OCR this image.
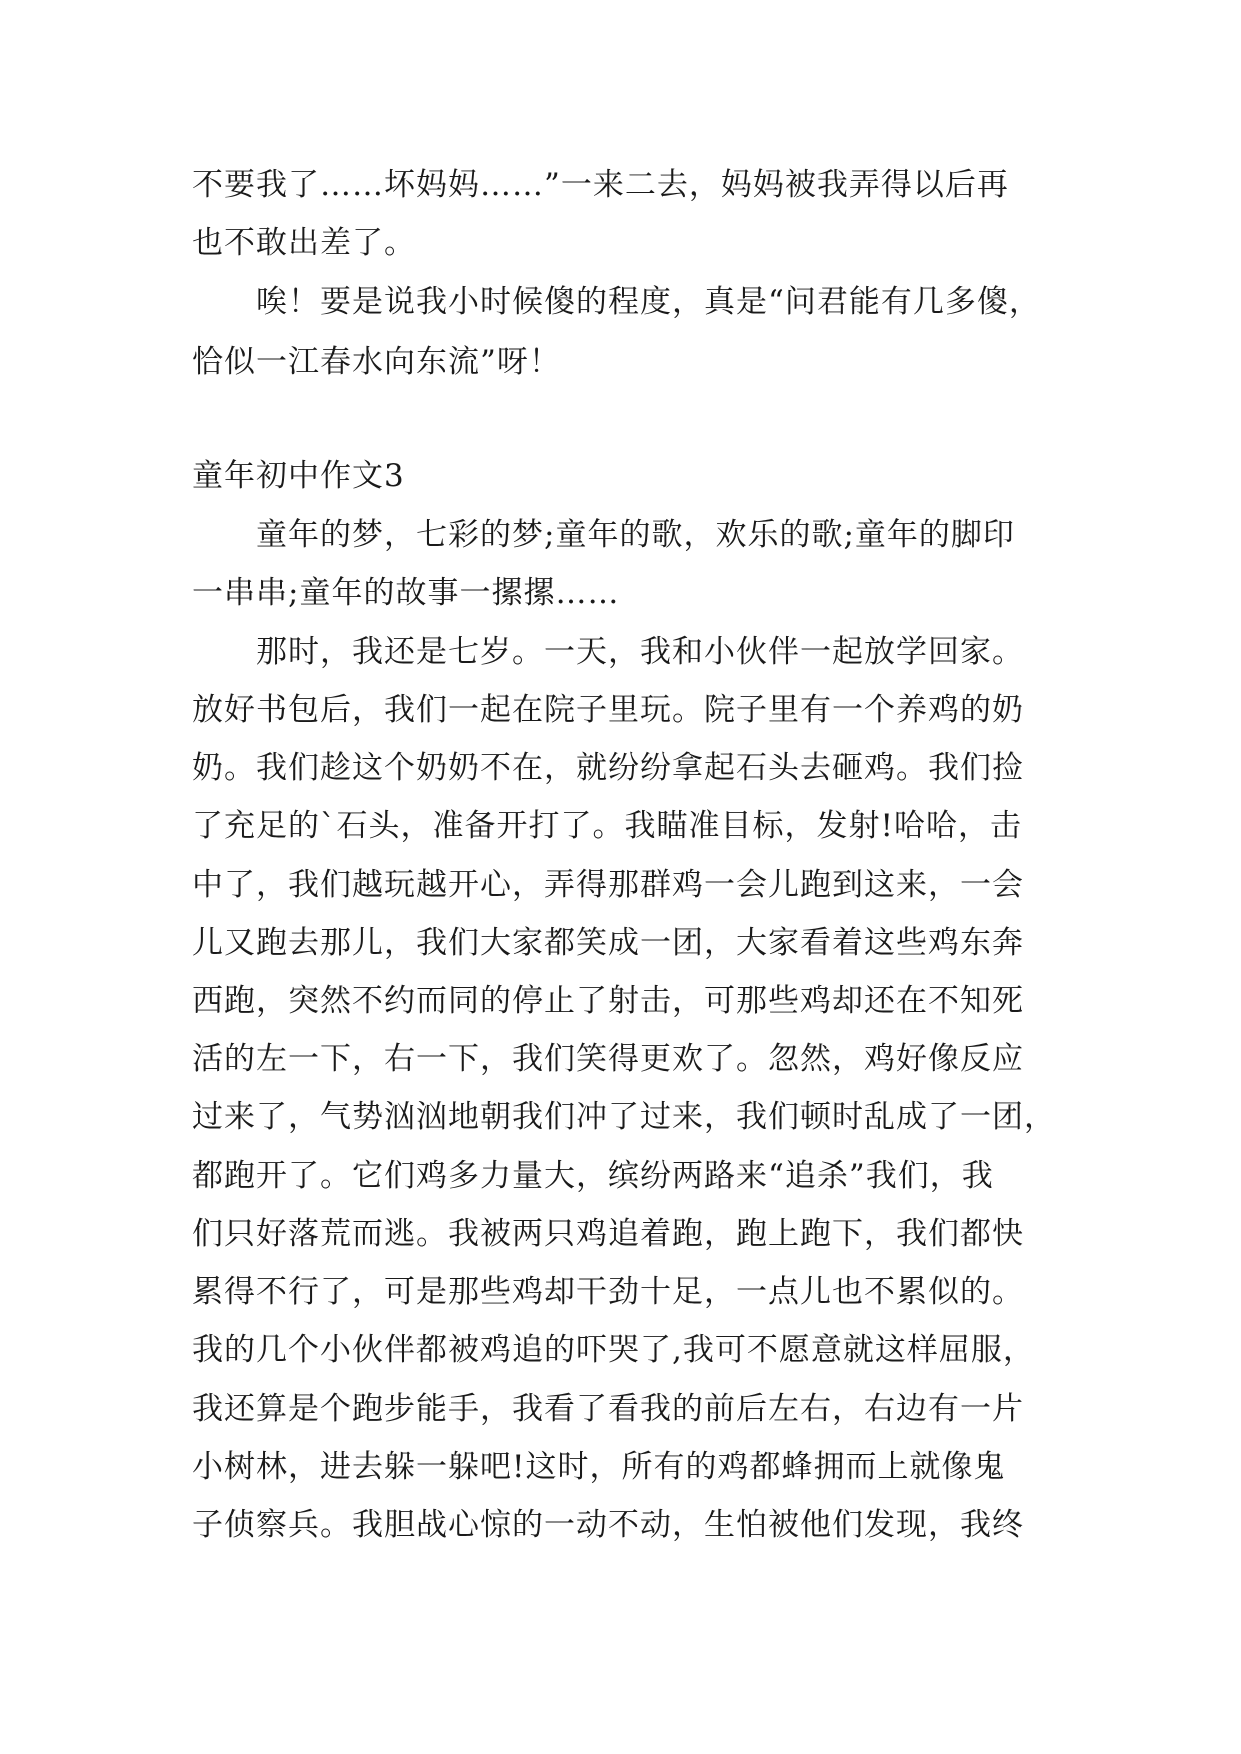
不要我了……坏妈妈……”一来二去，妈妈被我弄得以后再
也不敢出差了。
唉！要是说我小时候傻的程度，真是“问君能有几多傻，
恰似一江春水向东流”呀！
童年初中作文3
童年的梦，七彩的梦;童年的歌，欢乐的歌;童年的脚印
一串串;童年的故事一摞摞……
那时，我还是七岁。一天，我和小伙伴一起放学回家。
放好书包后，我们一起在院子里玩。院子里有一个养鸡的奶
奶。我们趁这个奶奶不在，就纷纷拿起石头去砸鸡。我们捡
了充足的`石头，准备开打了。我瞄准目标，发射!哈哈，击
中了，我们越玩越开心，弄得那群鸡一会儿跑到这来，一会
儿又跑去那儿，我们大家都笑成一团，大家看着这些鸡东奔
西跑，突然不约而同的停止了射击，可那些鸡却还在不知死
活的左一下，右一下，我们笑得更欢了。忽然，鸡好像反应
过来了，气势汹汹地朝我们冲了过来，我们顿时乱成了一团，
都跑开了。它们鸡多力量大，缤纷两路来“追杀”我们，我
们只好落荒而逃。我被两只鸡追着跑，跑上跑下，我们都快
累得不行了，可是那些鸡却干劲十足，一点儿也不累似的。
我的几个小伙伴都被鸡追的吓哭了,我可不愿意就这样屈服，
我还算是个跑步能手，我看了看我的前后左右，右边有一片
小树林，进去躲一躲吧!这时，所有的鸡都蜂拥而上就像鬼
子侦察兵。我胆战心惊的一动不动，生怕被他们发现，我终
